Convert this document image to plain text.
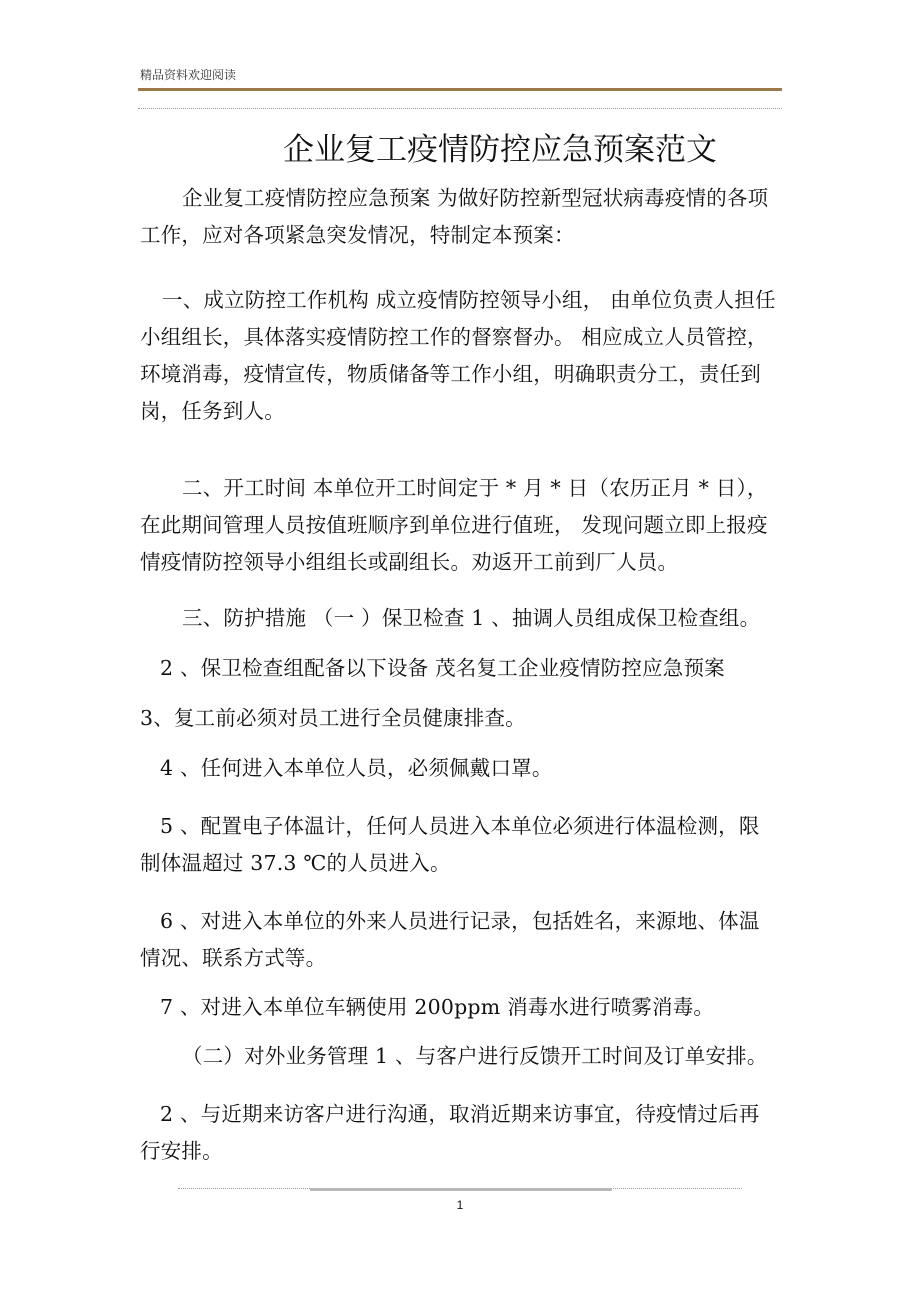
精品资料欢迎阅读
企业复工疫情防控应急预案范文

企业复工疫情防控应急预案 为做好防控新型冠状病毒疫情的各项工作，应对各项紧急突发情况，特制定本预案：

一、成立防控工作机构 成立疫情防控领导小组， 由单位负责人担任小组组长，具体落实疫情防控工作的督察督办。 相应成立人员管控，环境消毒，疫情宣传，物质储备等工作小组，明确职责分工，责任到岗，任务到人。

二、开工时间 本单位开工时间定于 * 月 * 日（农历正月 * 日），在此期间管理人员按值班顺序到单位进行值班， 发现问题立即上报疫情疫情防控领导小组组长或副组长。劝返开工前到厂人员。

三、防护措施 （一 ）保卫检查 1 、抽调人员组成保卫检查组。

2 、保卫检查组配备以下设备 茂名复工企业疫情防控应急预案

3、复工前必须对员工进行全员健康排查。

4 、任何进入本单位人员，必须佩戴口罩。

5 、配置电子体温计，任何人员进入本单位必须进行体温检测，限制体温超过 37.3 ℃的人员进入。

6 、对进入本单位的外来人员进行记录，包括姓名，来源地、体温情况、联系方式等。

7 、对进入本单位车辆使用 200ppm 消毒水进行喷雾消毒。

（二）对外业务管理 1 、与客户进行反馈开工时间及订单安排。

2 、与近期来访客户进行沟通，取消近期来访事宜，待疫情过后再行安排。

1
